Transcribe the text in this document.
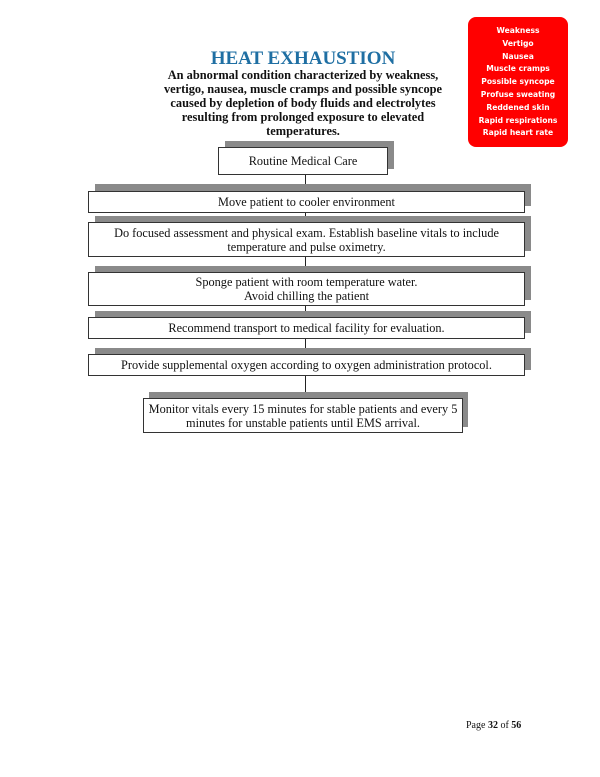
HEAT EXHAUSTION
An abnormal condition characterized by weakness, vertigo, nausea, muscle cramps and possible syncope caused by depletion of body fluids and electrolytes resulting from prolonged exposure to elevated temperatures.
Weakness
Vertigo
Nausea
Muscle cramps
Possible syncope
Profuse sweating
Reddened skin
Rapid respirations
Rapid heart rate
Routine Medical Care
Move patient to cooler environment
Do focused assessment and physical exam. Establish baseline vitals to include
temperature and pulse oximetry.
Sponge patient with room temperature water.
Avoid chilling the patient
Recommend transport to medical facility for evaluation.
Provide supplemental oxygen according to oxygen administration protocol.
Monitor vitals every 15 minutes for stable patients and every 5
minutes for unstable patients until EMS arrival.
Page 32 of 56
